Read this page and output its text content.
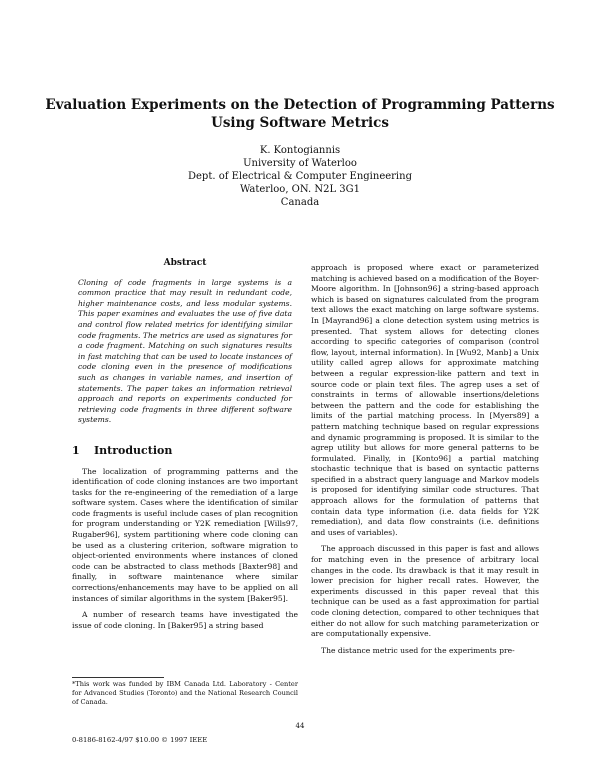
Evaluation Experiments on the Detection of Programming Patterns
Using Software Metrics
K. Kontogiannis
University of Waterloo
Dept. of Electrical & Computer Engineering
Waterloo, ON. N2L 3G1
Canada
Abstract
Cloning of code fragments in large systems is a common practice that may result in redundant code, higher maintenance costs, and less modular systems. This paper examines and evaluates the use of five data and control flow related metrics for identifying similar code fragments. The metrics are used as signatures for a code fragment. Matching on such signatures results in fast matching that can be used to locate instances of code cloning even in the presence of modifications such as changes in variable names, and insertion of statements. The paper takes an information retrieval approach and reports on experiments conducted for retrieving code fragments in three different software systems.
1 Introduction

The localization of programming patterns and the identification of code cloning instances are two important tasks for the re-engineering of the remediation of a large software system. Cases where the identification of similar code fragments is useful include cases of plan recognition for program understanding or Y2K remediation [Wills97, Rugaber96], system partitioning where code cloning can be used as a clustering criterion, software migration to object-oriented environments where instances of cloned code can be abstracted to class methods [Baxter98] and finally, in software maintenance where similar corrections/enhancements may have to be applied on all instances of similar algorithms in the system [Baker95].

A number of research teams have investigated the issue of code cloning. In [Baker95] a string based

approach is proposed where exact or parameterized matching is achieved based on a modification of the Boyer-Moore algorithm. In [Johnson96] a string-based approach which is based on signatures calculated from the program text allows the exact matching on large software systems. In [Mayrand96] a clone detection system using metrics is presented. That system allows for detecting clones according to specific categories of comparison (control flow, layout, internal information). In [Wu92, Manb] a Unix utility called agrep allows for approximate matching between a regular expression-like pattern and text in source code or plain text files. The agrep uses a set of constraints in terms of allowable insertions/deletions between the pattern and the code for establishing the limits of the partial matching process. In [Myers89] a pattern matching technique based on regular expressions and dynamic programming is proposed. It is similar to the agrep utility but allows for more general patterns to be formulated. Finally, in [Konto96] a partial matching stochastic technique that is based on syntactic patterns specified in a abstract query language and Markov models is proposed for identifying similar code structures. That approach allows for the formulation of patterns that contain data type information (i.e. data fields for Y2K remediation), and data flow constraints (i.e. definitions and uses of variables).

The approach discussed in this paper is fast and allows for matching even in the presence of arbitrary local changes in the code. Its drawback is that it may result in lower precision for higher recall rates. However, the experiments discussed in this paper reveal that this technique can be used as a fast approximation for partial code cloning detection, compared to other techniques that either do not allow for such matching parameterization or are computationally expensive.

The distance metric used for the experiments pre-

*This work was funded by IBM Canada Ltd. Laboratory - Center for Advanced Studies (Toronto) and the National Research Council of Canada.
44
0-8186-8162-4/97 $10.00 © 1997 IEEE
